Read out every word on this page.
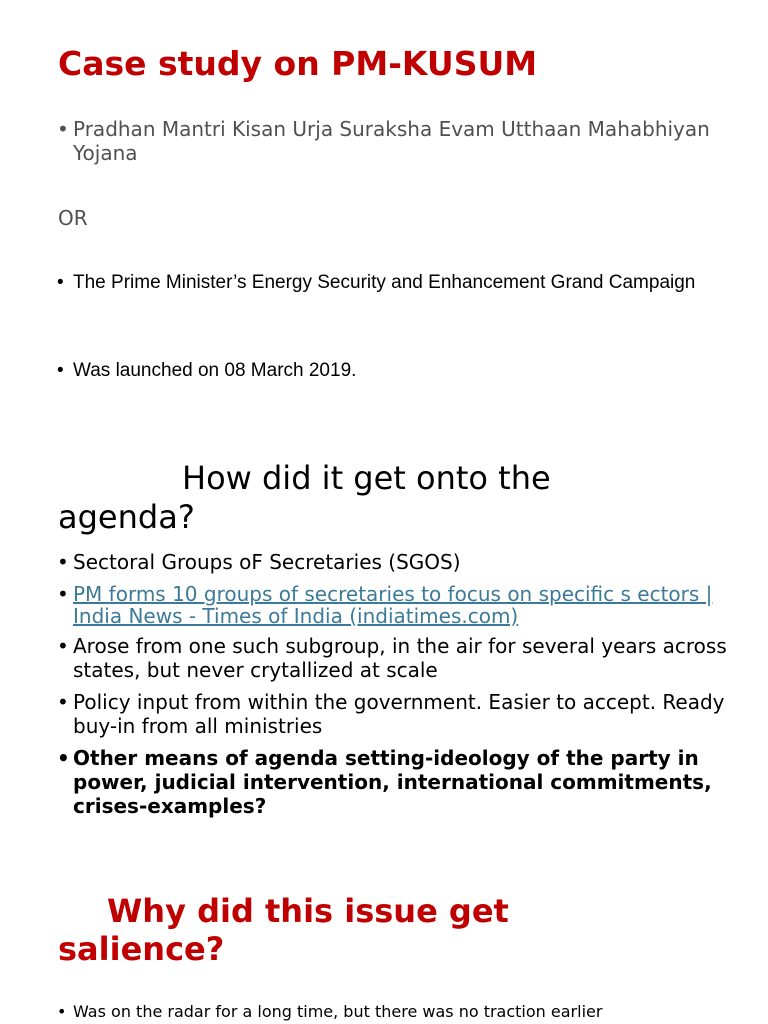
Case study on PM-KUSUM
• Pradhan Mantri Kisan Urja Suraksha Evam Utthaan Mahabhiyan Yojana
OR
• The Prime Minister’s Energy Security and Enhancement Grand Campaign
• Was launched on 08 March 2019.
How did it get onto the
agenda?
• Sectoral Groups oF Secretaries (SGOS)
• PM forms 10 groups of secretaries to focus on specific s ectors | India News - Times of India (indiatimes.com)
• Arose from one such subgroup, in the air for several years across states, but never crytallized at scale
• Policy input from within the government. Easier to accept. Ready buy-in from all ministries
• Other means of agenda setting-ideology of the party in power, judicial intervention, international commitments, crises-examples?
Why did this issue get
salience?
• Was on the radar for a long time, but there was no traction earlier
